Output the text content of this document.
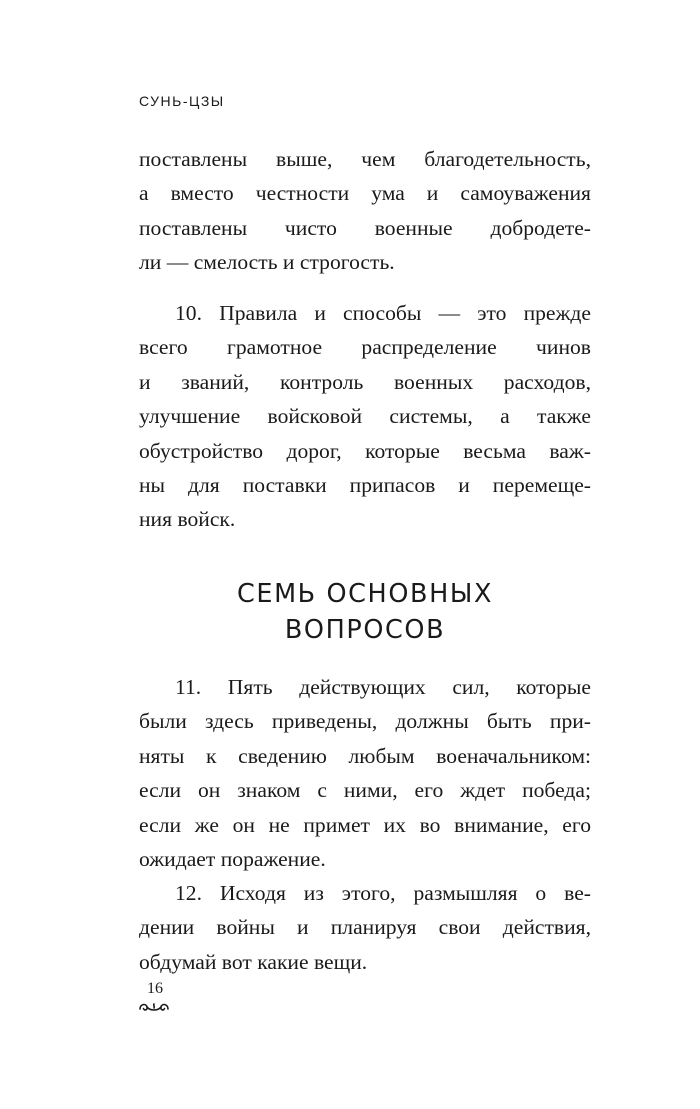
СУНЬ-ЦЗЫ
поставлены выше, чем благодетельность,
а вместо честности ума и самоуважения
поставлены чисто военные добродете-
ли — смелость и строгость.
10. Правила и способы — это прежде
всего грамотное распределение чинов
и званий, контроль военных расходов,
улучшение войсковой системы, а также
обустройство дорог, которые весьма важ-
ны для поставки припасов и перемеще-
ния войск.
СЕМЬ ОСНОВНЫХ
ВОПРОСОВ
11. Пять действующих сил, которые
были здесь приведены, должны быть при-
няты к сведению любым военачальником:
если он знаком с ними, его ждет победа;
если же он не примет их во внимание, его
ожидает поражение.
12. Исходя из этого, размышляя о ве-
дении войны и планируя свои действия,
обдумай вот какие вещи.
16
